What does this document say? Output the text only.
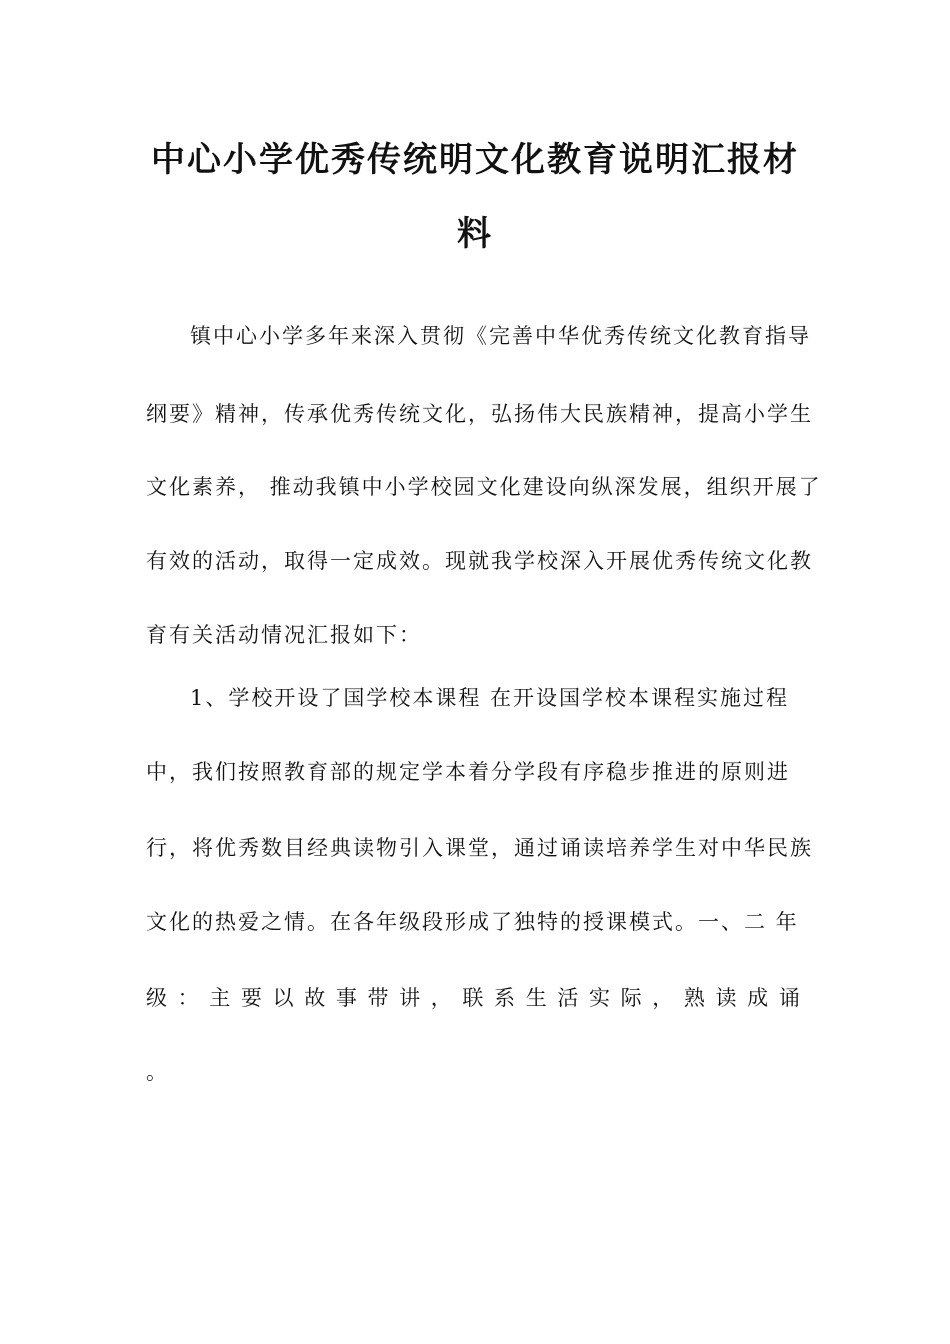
中心小学优秀传统明文化教育说明汇报材
料
镇中心小学多年来深入贯彻《完善中华优秀传统文化教育指导
纲要》精神，传承优秀传统文化，弘扬伟大民族精神，提高小学生
文化素养， 推动我镇中小学校园文化建设向纵深发展，组织开展了
有效的活动，取得一定成效。现就我学校深入开展优秀传统文化教
育有关活动情况汇报如下：
1、学校开设了国学校本课程 在开设国学校本课程实施过程
中，我们按照教育部的规定学本着分学段有序稳步推进的原则进
行，将优秀数目经典读物引入课堂，通过诵读培养学生对中华民族
文化的热爱之情。在各年级段形成了独特的授课模式。一、二 年
级 ： 主 要 以 故 事 带 讲 ， 联 系 生 活 实 际 ， 熟 读 成 诵
。
